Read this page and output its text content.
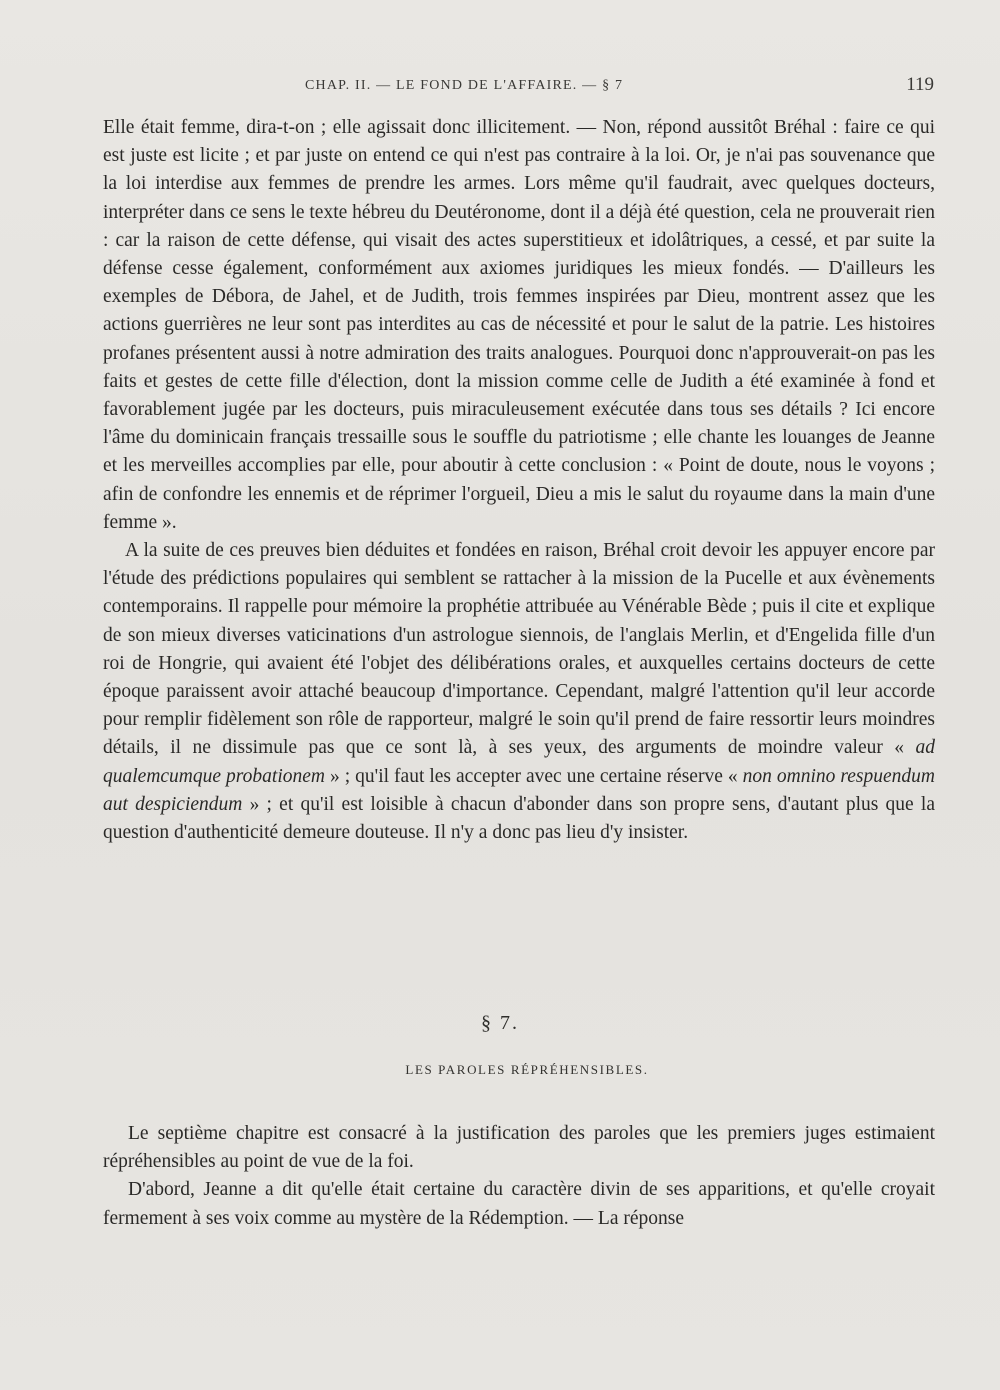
CHAP. II. — LE FOND DE L'AFFAIRE. — § 7	119

Elle était femme, dira-t-on ; elle agissait donc illicitement. — Non, répond aussitôt Bréhal : faire ce qui est juste est licite ; et par juste on entend ce qui n'est pas contraire à la loi. Or, je n'ai pas souvenance que la loi interdise aux femmes de prendre les armes. Lors même qu'il faudrait, avec quelques docteurs, interpréter dans ce sens le texte hébreu du Deutéronome, dont il a déjà été question, cela ne prouverait rien : car la raison de cette défense, qui visait des actes superstitieux et idolâtriques, a cessé, et par suite la défense cesse également, conformément aux axiomes juridiques les mieux fondés. — D'ailleurs les exemples de Débora, de Jahel, et de Judith, trois femmes inspirées par Dieu, montrent assez que les actions guerrières ne leur sont pas interdites au cas de nécessité et pour le salut de la patrie. Les histoires profanes présentent aussi à notre admiration des traits analogues. Pourquoi donc n'approuverait-on pas les faits et gestes de cette fille d'élection, dont la mission comme celle de Judith a été examinée à fond et favorablement jugée par les docteurs, puis miraculeusement exécutée dans tous ses détails ? Ici encore l'âme du dominicain français tressaille sous le souffle du patriotisme ; elle chante les louanges de Jeanne et les merveilles accomplies par elle, pour aboutir à cette conclusion : « Point de doute, nous le voyons ; afin de confondre les ennemis et de réprimer l'orgueil, Dieu a mis le salut du royaume dans la main d'une femme ».

A la suite de ces preuves bien déduites et fondées en raison, Bréhal croit devoir les appuyer encore par l'étude des prédictions populaires qui semblent se rattacher à la mission de la Pucelle et aux évènements contemporains. Il rappelle pour mémoire la prophétie attribuée au Vénérable Bède ; puis il cite et explique de son mieux diverses vaticinations d'un astrologue siennois, de l'anglais Merlin, et d'Engelida fille d'un roi de Hongrie, qui avaient été l'objet des délibérations orales, et auxquelles certains docteurs de cette époque paraissent avoir attaché beaucoup d'importance. Cependant, malgré l'attention qu'il leur accorde pour remplir fidèlement son rôle de rapporteur, malgré le soin qu'il prend de faire ressortir leurs moindres détails, il ne dissimule pas que ce sont là, à ses yeux, des arguments de moindre valeur « ad qualemcumque probationem » ; qu'il faut les accepter avec une certaine réserve « non omnino respuendum aut despiciendum » ; et qu'il est loisible à chacun d'abonder dans son propre sens, d'autant plus que la question d'authenticité demeure douteuse. Il n'y a donc pas lieu d'y insister.

§ 7.
LES PAROLES RÉPRÉHENSIBLES.

Le septième chapitre est consacré à la justification des paroles que les premiers juges estimaient répréhensibles au point de vue de la foi.

D'abord, Jeanne a dit qu'elle était certaine du caractère divin de ses apparitions, et qu'elle croyait fermement à ses voix comme au mystère de la Rédemption. — La réponse
